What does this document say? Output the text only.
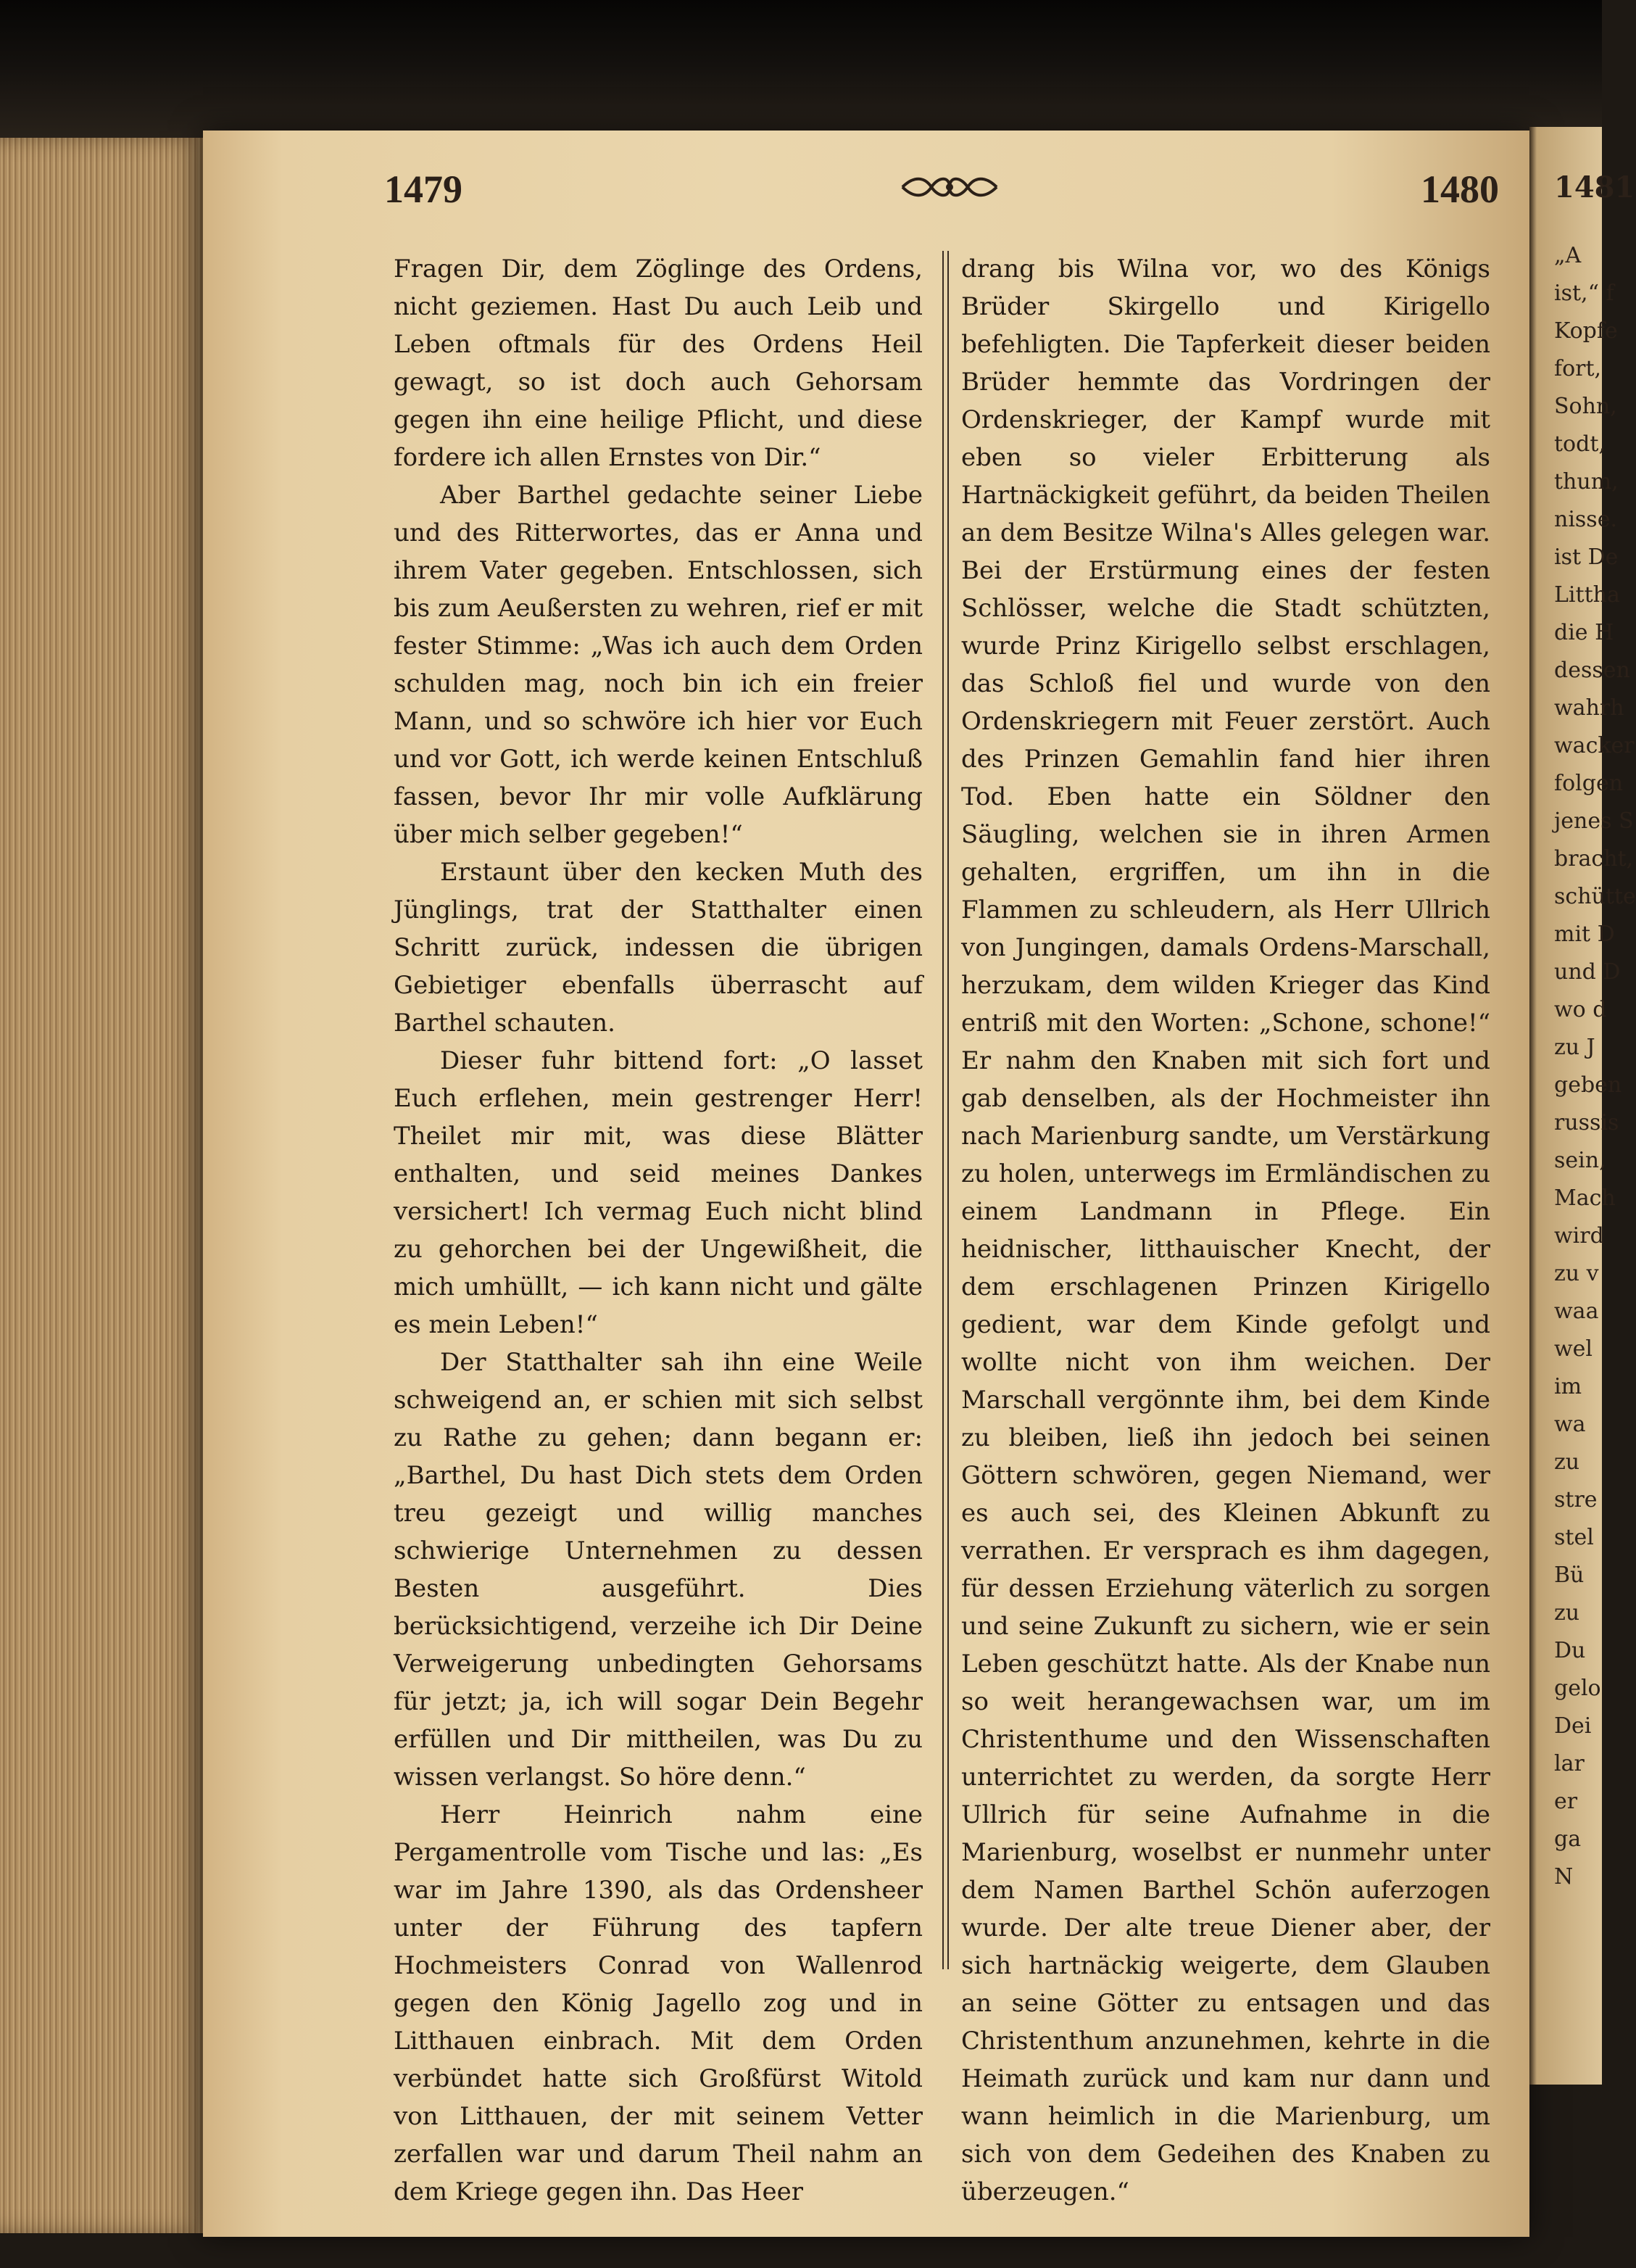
1479	1480

Fragen Dir, dem Zöglinge des Ordens, nicht geziemen. Hast Du auch Leib und Leben oftmals für des Ordens Heil gewagt, so ist doch auch Gehorsam gegen ihn eine heilige Pflicht, und diese fordere ich allen Ernstes von Dir.“

Aber Barthel gedachte seiner Liebe und des Ritterwortes, das er Anna und ihrem Vater gegeben. Entschlossen, sich bis zum Aeußersten zu wehren, rief er mit fester Stimme: „Was ich auch dem Orden schulden mag, noch bin ich ein freier Mann, und so schwöre ich hier vor Euch und vor Gott, ich werde keinen Entschluß fassen, bevor Ihr mir volle Aufklärung über mich selber gegeben!“

Erstaunt über den kecken Muth des Jünglings, trat der Statthalter einen Schritt zurück, indessen die übrigen Gebietiger ebenfalls überrascht auf Barthel schauten.

Dieser fuhr bittend fort: „O lasset Euch erflehen, mein gestrenger Herr! Theilet mir mit, was diese Blätter enthalten, und seid meines Dankes versichert! Ich vermag Euch nicht blind zu gehorchen bei der Ungewißheit, die mich umhüllt, — ich kann nicht und gälte es mein Leben!“

Der Statthalter sah ihn eine Weile schweigend an, er schien mit sich selbst zu Rathe zu gehen; dann begann er: „Barthel, Du hast Dich stets dem Orden treu gezeigt und willig manches schwierige Unternehmen zu dessen Besten ausgeführt. Dies berücksichtigend, verzeihe ich Dir Deine Verweigerung unbedingten Gehorsams für jetzt; ja, ich will sogar Dein Begehr erfüllen und Dir mittheilen, was Du zu wissen verlangst. So höre denn.“

Herr Heinrich nahm eine Pergamentrolle vom Tische und las: „Es war im Jahre 1390, als das Ordensheer unter der Führung des tapfern Hochmeisters Conrad von Wallenrod gegen den König Jagello zog und in Litthauen einbrach. Mit dem Orden verbündet hatte sich Großfürst Witold von Litthauen, der mit seinem Vetter zerfallen war und darum Theil nahm an dem Kriege gegen ihn. Das Heer

drang bis Wilna vor, wo des Königs Brüder Skirgello und Kirigello befehligten. Die Tapferkeit dieser beiden Brüder hemmte das Vordringen der Ordenskrieger, der Kampf wurde mit eben so vieler Erbitterung als Hartnäckigkeit geführt, da beiden Theilen an dem Besitze Wilna's Alles gelegen war. Bei der Erstürmung eines der festen Schlösser, welche die Stadt schützten, wurde Prinz Kirigello selbst erschlagen, das Schloß fiel und wurde von den Ordenskriegern mit Feuer zerstört. Auch des Prinzen Gemahlin fand hier ihren Tod. Eben hatte ein Söldner den Säugling, welchen sie in ihren Armen gehalten, ergriffen, um ihn in die Flammen zu schleudern, als Herr Ullrich von Jungingen, damals Ordens-Marschall, herzukam, dem wilden Krieger das Kind entriß mit den Worten: „Schone, schone!“ Er nahm den Knaben mit sich fort und gab denselben, als der Hochmeister ihn nach Marienburg sandte, um Verstärkung zu holen, unterwegs im Ermländischen zu einem Landmann in Pflege. Ein heidnischer, litthauischer Knecht, der dem erschlagenen Prinzen Kirigello gedient, war dem Kinde gefolgt und wollte nicht von ihm weichen. Der Marschall vergönnte ihm, bei dem Kinde zu bleiben, ließ ihn jedoch bei seinen Göttern schwören, gegen Niemand, wer es auch sei, des Kleinen Abkunft zu verrathen. Er versprach es ihm dagegen, für dessen Erziehung väterlich zu sorgen und seine Zukunft zu sichern, wie er sein Leben geschützt hatte. Als der Knabe nun so weit herangewachsen war, um im Christenthume und den Wissenschaften unterrichtet zu werden, da sorgte Herr Ullrich für seine Aufnahme in die Marienburg, woselbst er nunmehr unter dem Namen Barthel Schön auferzogen wurde. Der alte treue Diener aber, der sich hartnäckig weigerte, dem Glauben an seine Götter zu entsagen und das Christenthum anzunehmen, kehrte in die Heimath zurück und kam nur dann und wann heimlich in die Marienburg, um sich von dem Gedeihen des Knaben zu überzeugen.“

1481
„A
ist,“ f
Kopfe
fort,
Sohn,
todt,
thum,
nisse.
ist De
Littha
die H
dessen
wahrh
wacker
folgen
jenes S
bracht,
schütte
mit D
und D
wo d
zu J
geben
russis
sein,
Mach
wird
zu v
waa
wel
im
wa
zu
stre
stel
Bü
zu
Du
gelo
Dei
lar
er
ga
N
